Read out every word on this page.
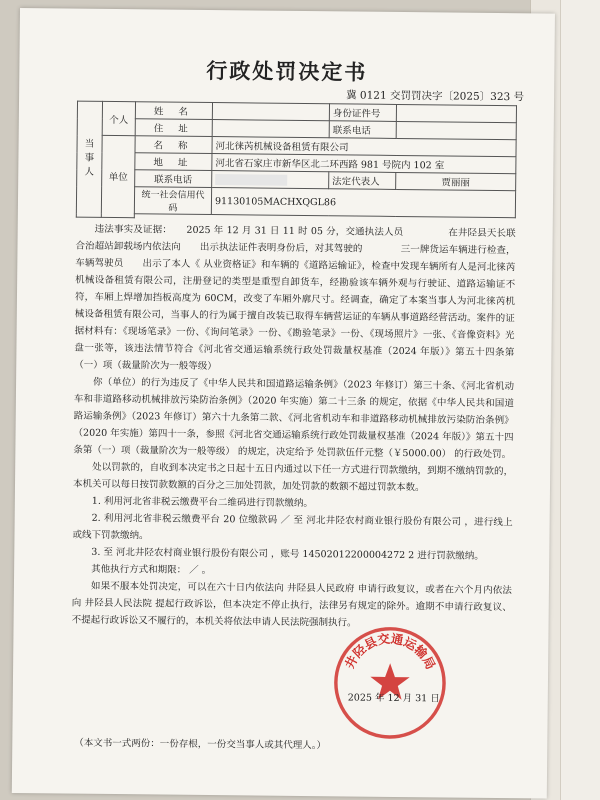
行政处罚决定书
冀 0121 交罚罚决字〔2025〕323 号
当事人	个人	姓 名		身份证件号	
		住 址		联系电话	
	单位	名 称	河北徕芮机械设备租赁有限公司		
		地 址	河北省石家庄市新华区北二环西路 981 号院内 102 室		
		联系电话		法定代表人	贾丽丽
		统一社会信用代码	91130105MACHXQGL86		

违法事实及证据：　　2025 年 12 月 31 日 11 时 05 分，交通执法人员 　　　　 在井陉县天长联合治超站卸载场内依法向　　出示执法证件表明身份后，对其驾驶的　　　　三一牌货运车辆进行检查，车辆驾驶员　　出示了本人《 从业资格证》和车辆的《道路运输证》，检查中发现车辆所有人是河北徕芮机械设备租赁有限公司，注册登记的类型是重型自卸货车，经勘验该车辆外观与行驶证、道路运输证不符，车厢上焊增加挡板高度为 60CM，改变了车厢外廓尺寸。经调查，确定了本案当事人为河北徕芮机械设备租赁有限公司，当事人的行为属于擅自改装已取得车辆营运证的车辆从事道路经营活动。案件的证据材料有：《现场笔录》一份、《询问笔录》一份、《勘验笔录》一份、《现场照片》一张、《音像资料》光盘一张等，该违法情节符合《河北省交通运输系统行政处罚裁量权基准（2024 年版）》第五十四条第（一）项（裁量阶次为一般等级）
你（单位）的行为违反了《中华人民共和国道路运输条例》（2023 年修订）第三十条、《河北省机动车和非道路移动机械排放污染防治条例》（2020 年实施）第二十三条 的规定，依据《中华人民共和国道路运输条例》（2023 年修订）第六十九条第二款、《河北省机动车和非道路移动机械排放污染防治条例》（2020 年实施）第四十一条，参照《河北省交通运输系统行政处罚裁量权基准（2024 年版）》第五十四条第（一）项（裁量阶次为一般等级） 的规定，决定给予 处罚款伍仟元整（￥5000.00） 的行政处罚。
处以罚款的，自收到本决定书之日起十五日内通过以下任一方式进行罚款缴纳，到期不缴纳罚款的，本机关可以每日按罚款数额的百分之三加处罚款，加处罚款的数额不超过罚款本数。
1. 利用河北省非税云缴费平台二维码进行罚款缴纳。
2. 利用河北省非税云缴费平台 20 位缴款码 ／ 至 河北井陉农村商业银行股份有限公司 ，进行线上或线下罚款缴纳。
3. 至 河北井陉农村商业银行股份有限公司 ，账号 14502012200004272 2 进行罚款缴纳。
其他执行方式和期限： ／ 。
如果不服本处罚决定，可以在六十日内依法向 井陉县人民政府 申请行政复议，或者在六个月内依法向 井陉县人民法院 提起行政诉讼，但本决定不停止执行，法律另有规定的除外。逾期不申请行政复议、不提起行政诉讼又不履行的，本机关将依法申请人民法院强制执行。
井陉县交通运输局
2025 年 12 月 31 日
（本文书一式两份：一份存根，一份交当事人或其代理人。）
